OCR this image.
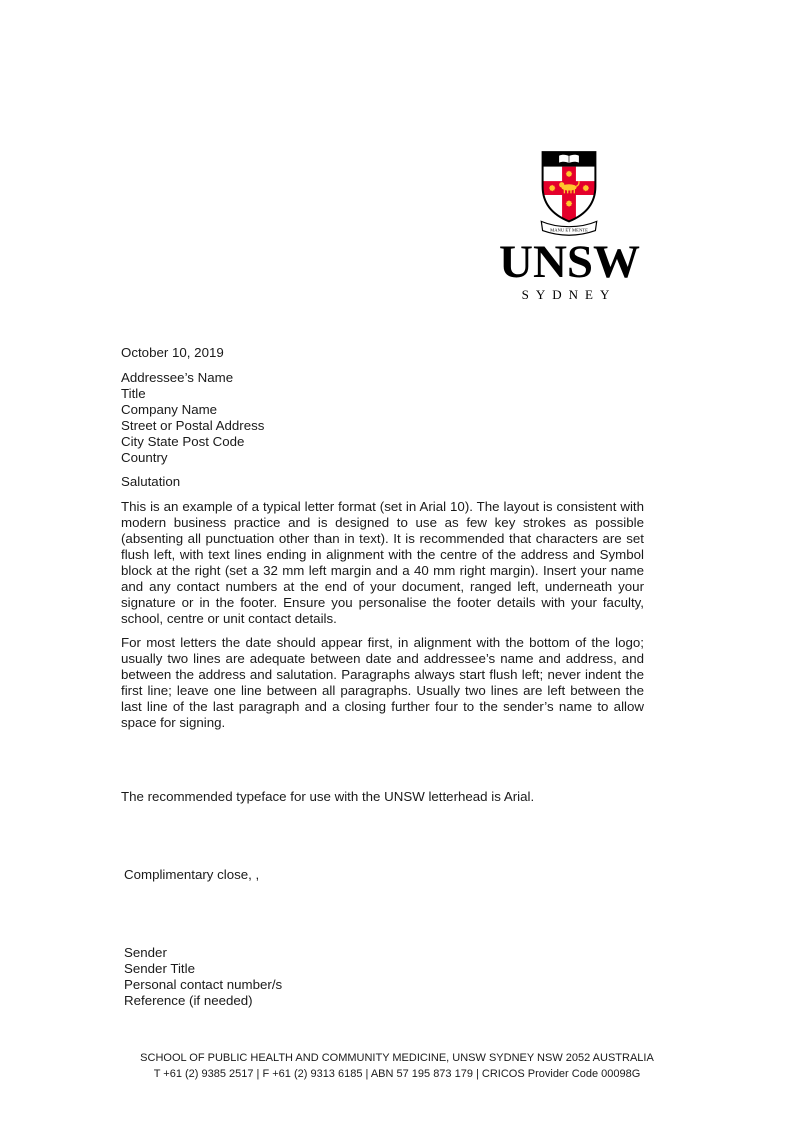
MANU ET MENTE
UNSW
SYDNEY

October 10, 2019

Addressee’s Name

Title

Company Name

Street or Postal Address

City State Post Code

Country

Salutation

This is an example of a typical letter format (set in Arial 10). The layout is consistent with modern business practice and is designed to use as few key strokes as possible (absenting all punctuation other than in text). It is recommended that characters are set flush left, with text lines ending in alignment with the centre of the address and Symbol block at the right (set a 32 mm left margin and a 40 mm right margin). Insert your name and any contact numbers at the end of your document, ranged left, underneath your signature or in the footer. Ensure you personalise the footer details with your faculty, school, centre or unit contact details.

For most letters the date should appear first, in alignment with the bottom of the logo; usually two lines are adequate between date and addressee’s name and address, and between the address and salutation. Paragraphs always start flush left; never indent the first line; leave one line between all paragraphs. Usually two lines are left between the last line of the last paragraph and a closing further four to the sender’s name to allow space for signing.

The recommended typeface for use with the UNSW letterhead is Arial.

Complimentary close, ,

Sender

Sender Title

Personal contact number/s

Reference (if needed)

SCHOOL OF PUBLIC HEALTH AND COMMUNITY MEDICINE, UNSW SYDNEY NSW 2052 AUSTRALIA

T +61 (2) 9385 2517 | F +61 (2) 9313 6185 | ABN 57 195 873 179 | CRICOS Provider Code 00098G
